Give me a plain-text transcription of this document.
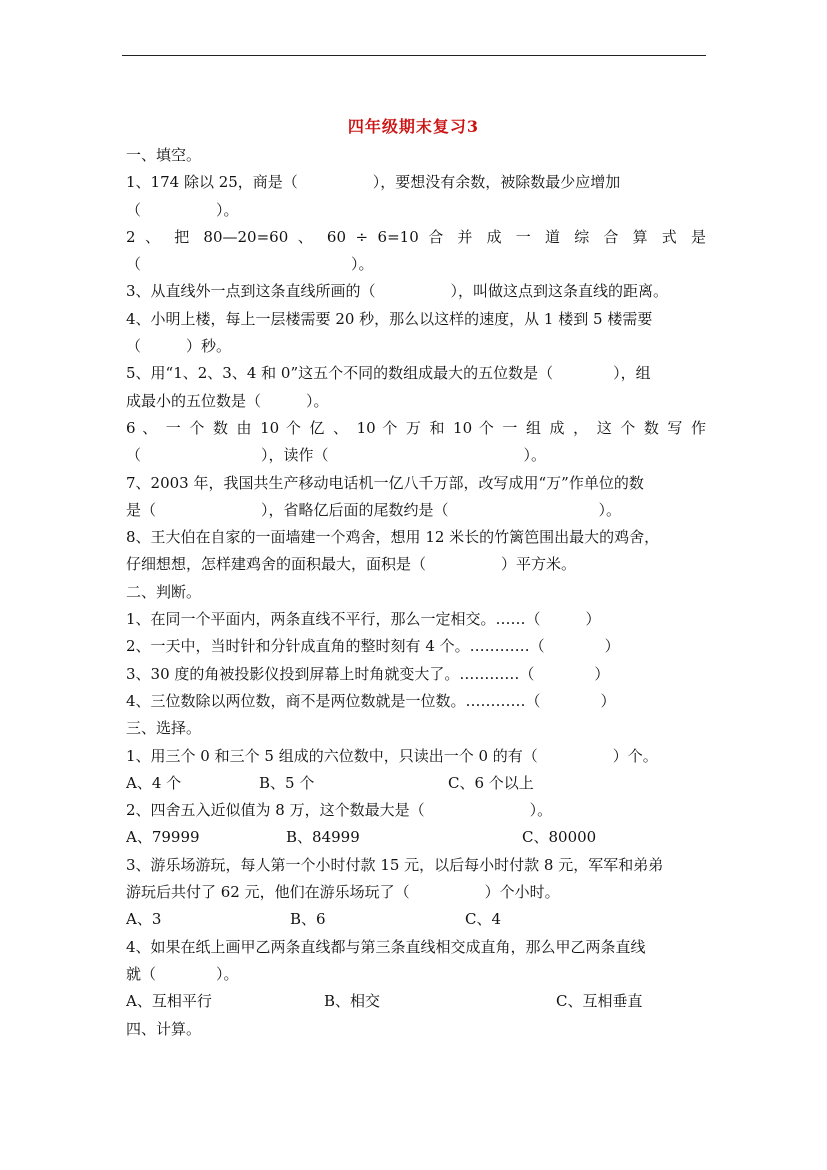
四年级期末复习3
一、填空。
1、174 除以 25，商是（　　　　　），要想没有余数，被除数最少应增加
（　　　　　）。
2 、 把 80—20=60 、 60 ÷ 6=10 合 并 成 一 道 综 合 算 式 是
（　　　　　　　　　　　　　　）。
3、从直线外一点到这条直线所画的（　　　　　），叫做这点到这条直线的距离。
4、小明上楼，每上一层楼需要 20 秒，那么以这样的速度，从 1 楼到 5 楼需要
（　　　）秒。
5、用“1、2、3、4 和 0”这五个不同的数组成最大的五位数是（　　　　），组
成最小的五位数是（　　　）。
6 、 一 个 数 由 10 个 亿 、 10 个 万 和 10 个 一 组 成 ， 这 个 数 写 作
（　　　　　　　　），读作（　　　　　　　　　　　　　）。
7、2003 年，我国共生产移动电话机一亿八千万部，改写成用“万”作单位的数
是（　　　　　　　），省略亿后面的尾数约是（　　　　　　　　　　）。
8、王大伯在自家的一面墙建一个鸡舍，想用 12 米长的竹篱笆围出最大的鸡舍，
仔细想想，怎样建鸡舍的面积最大，面积是（　　　　　）平方米。
二、判断。
1、在同一个平面内，两条直线不平行，那么一定相交。……（　　　）
2、一天中，当时针和分针成直角的整时刻有 4 个。…………（　　　　）
3、30 度的角被投影仪投到屏幕上时角就变大了。…………（　　　　）
4、三位数除以两位数，商不是两位数就是一位数。…………（　　　　）
三、选择。
1、用三个 0 和三个 5 组成的六位数中，只读出一个 0 的有（　　　　　）个。
A、4 个	B、5 个	C、6 个以上
2、四舍五入近似值为 8 万，这个数最大是（　　　　　　　）。
A、79999	B、84999	C、80000
3、游乐场游玩，每人第一个小时付款 15 元，以后每小时付款 8 元，军军和弟弟
游玩后共付了 62 元，他们在游乐场玩了（　　　　　）个小时。
A、3	B、6	C、4
4、如果在纸上画甲乙两条直线都与第三条直线相交成直角，那么甲乙两条直线
就（　　　　）。
A、互相平行	B、相交	C、互相垂直
四、计算。
